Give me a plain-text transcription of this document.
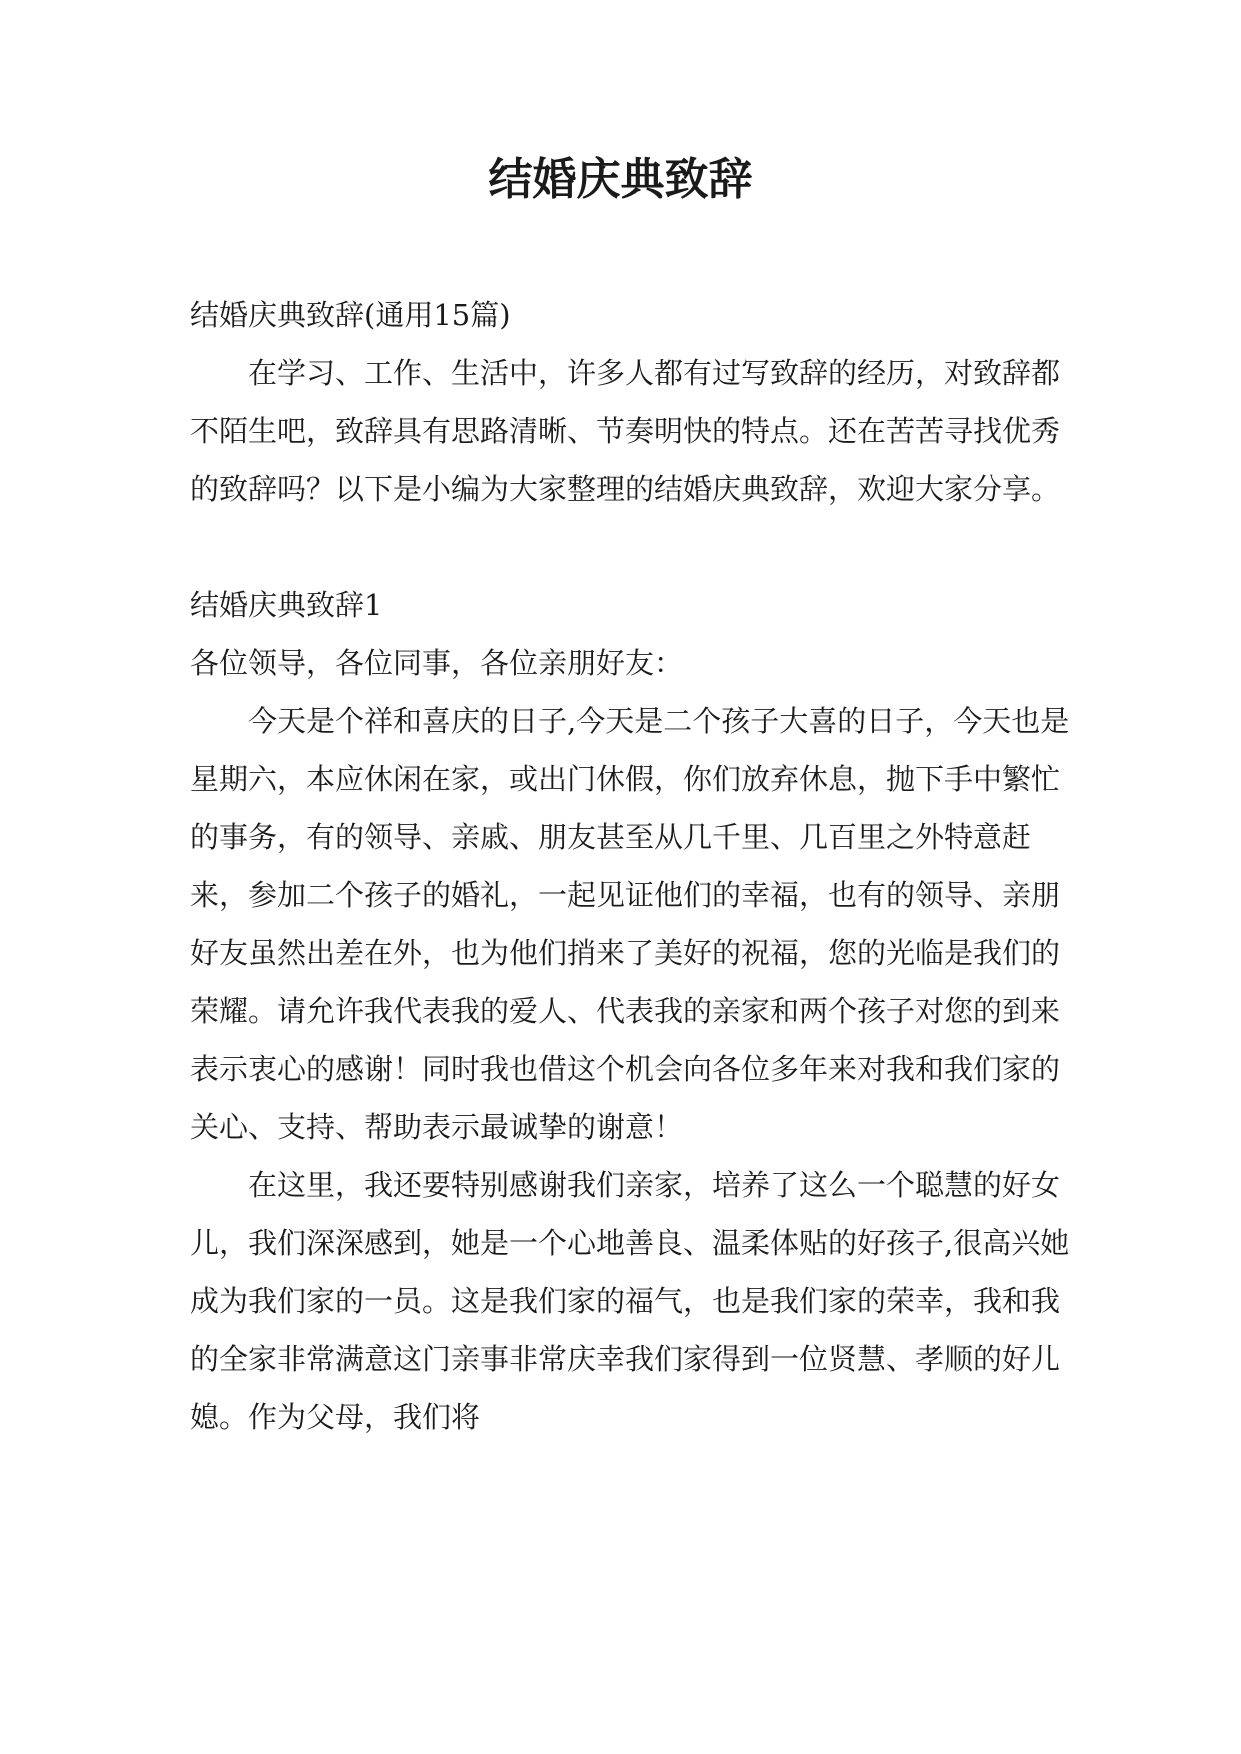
结婚庆典致辞

结婚庆典致辞(通用15篇)

在学习、工作、生活中，许多人都有过写致辞的经历，对致辞都不陌生吧，致辞具有思路清晰、节奏明快的特点。还在苦苦寻找优秀的致辞吗？以下是小编为大家整理的结婚庆典致辞，欢迎大家分享。

结婚庆典致辞1

各位领导，各位同事，各位亲朋好友：

今天是个祥和喜庆的日子,今天是二个孩子大喜的日子，今天也是星期六，本应休闲在家，或出门休假，你们放弃休息，抛下手中繁忙的事务，有的领导、亲戚、朋友甚至从几千里、几百里之外特意赶来，参加二个孩子的婚礼，一起见证他们的幸福，也有的领导、亲朋好友虽然出差在外，也为他们捎来了美好的祝福，您的光临是我们的荣耀。请允许我代表我的爱人、代表我的亲家和两个孩子对您的到来表示衷心的感谢！同时我也借这个机会向各位多年来对我和我们家的关心、支持、帮助表示最诚挚的谢意！

在这里，我还要特别感谢我们亲家，培养了这么一个聪慧的好女儿，我们深深感到，她是一个心地善良、温柔体贴的好孩子,很高兴她成为我们家的一员。这是我们家的福气，也是我们家的荣幸，我和我的全家非常满意这门亲事非常庆幸我们家得到一位贤慧、孝顺的好儿媳。作为父母，我们将
